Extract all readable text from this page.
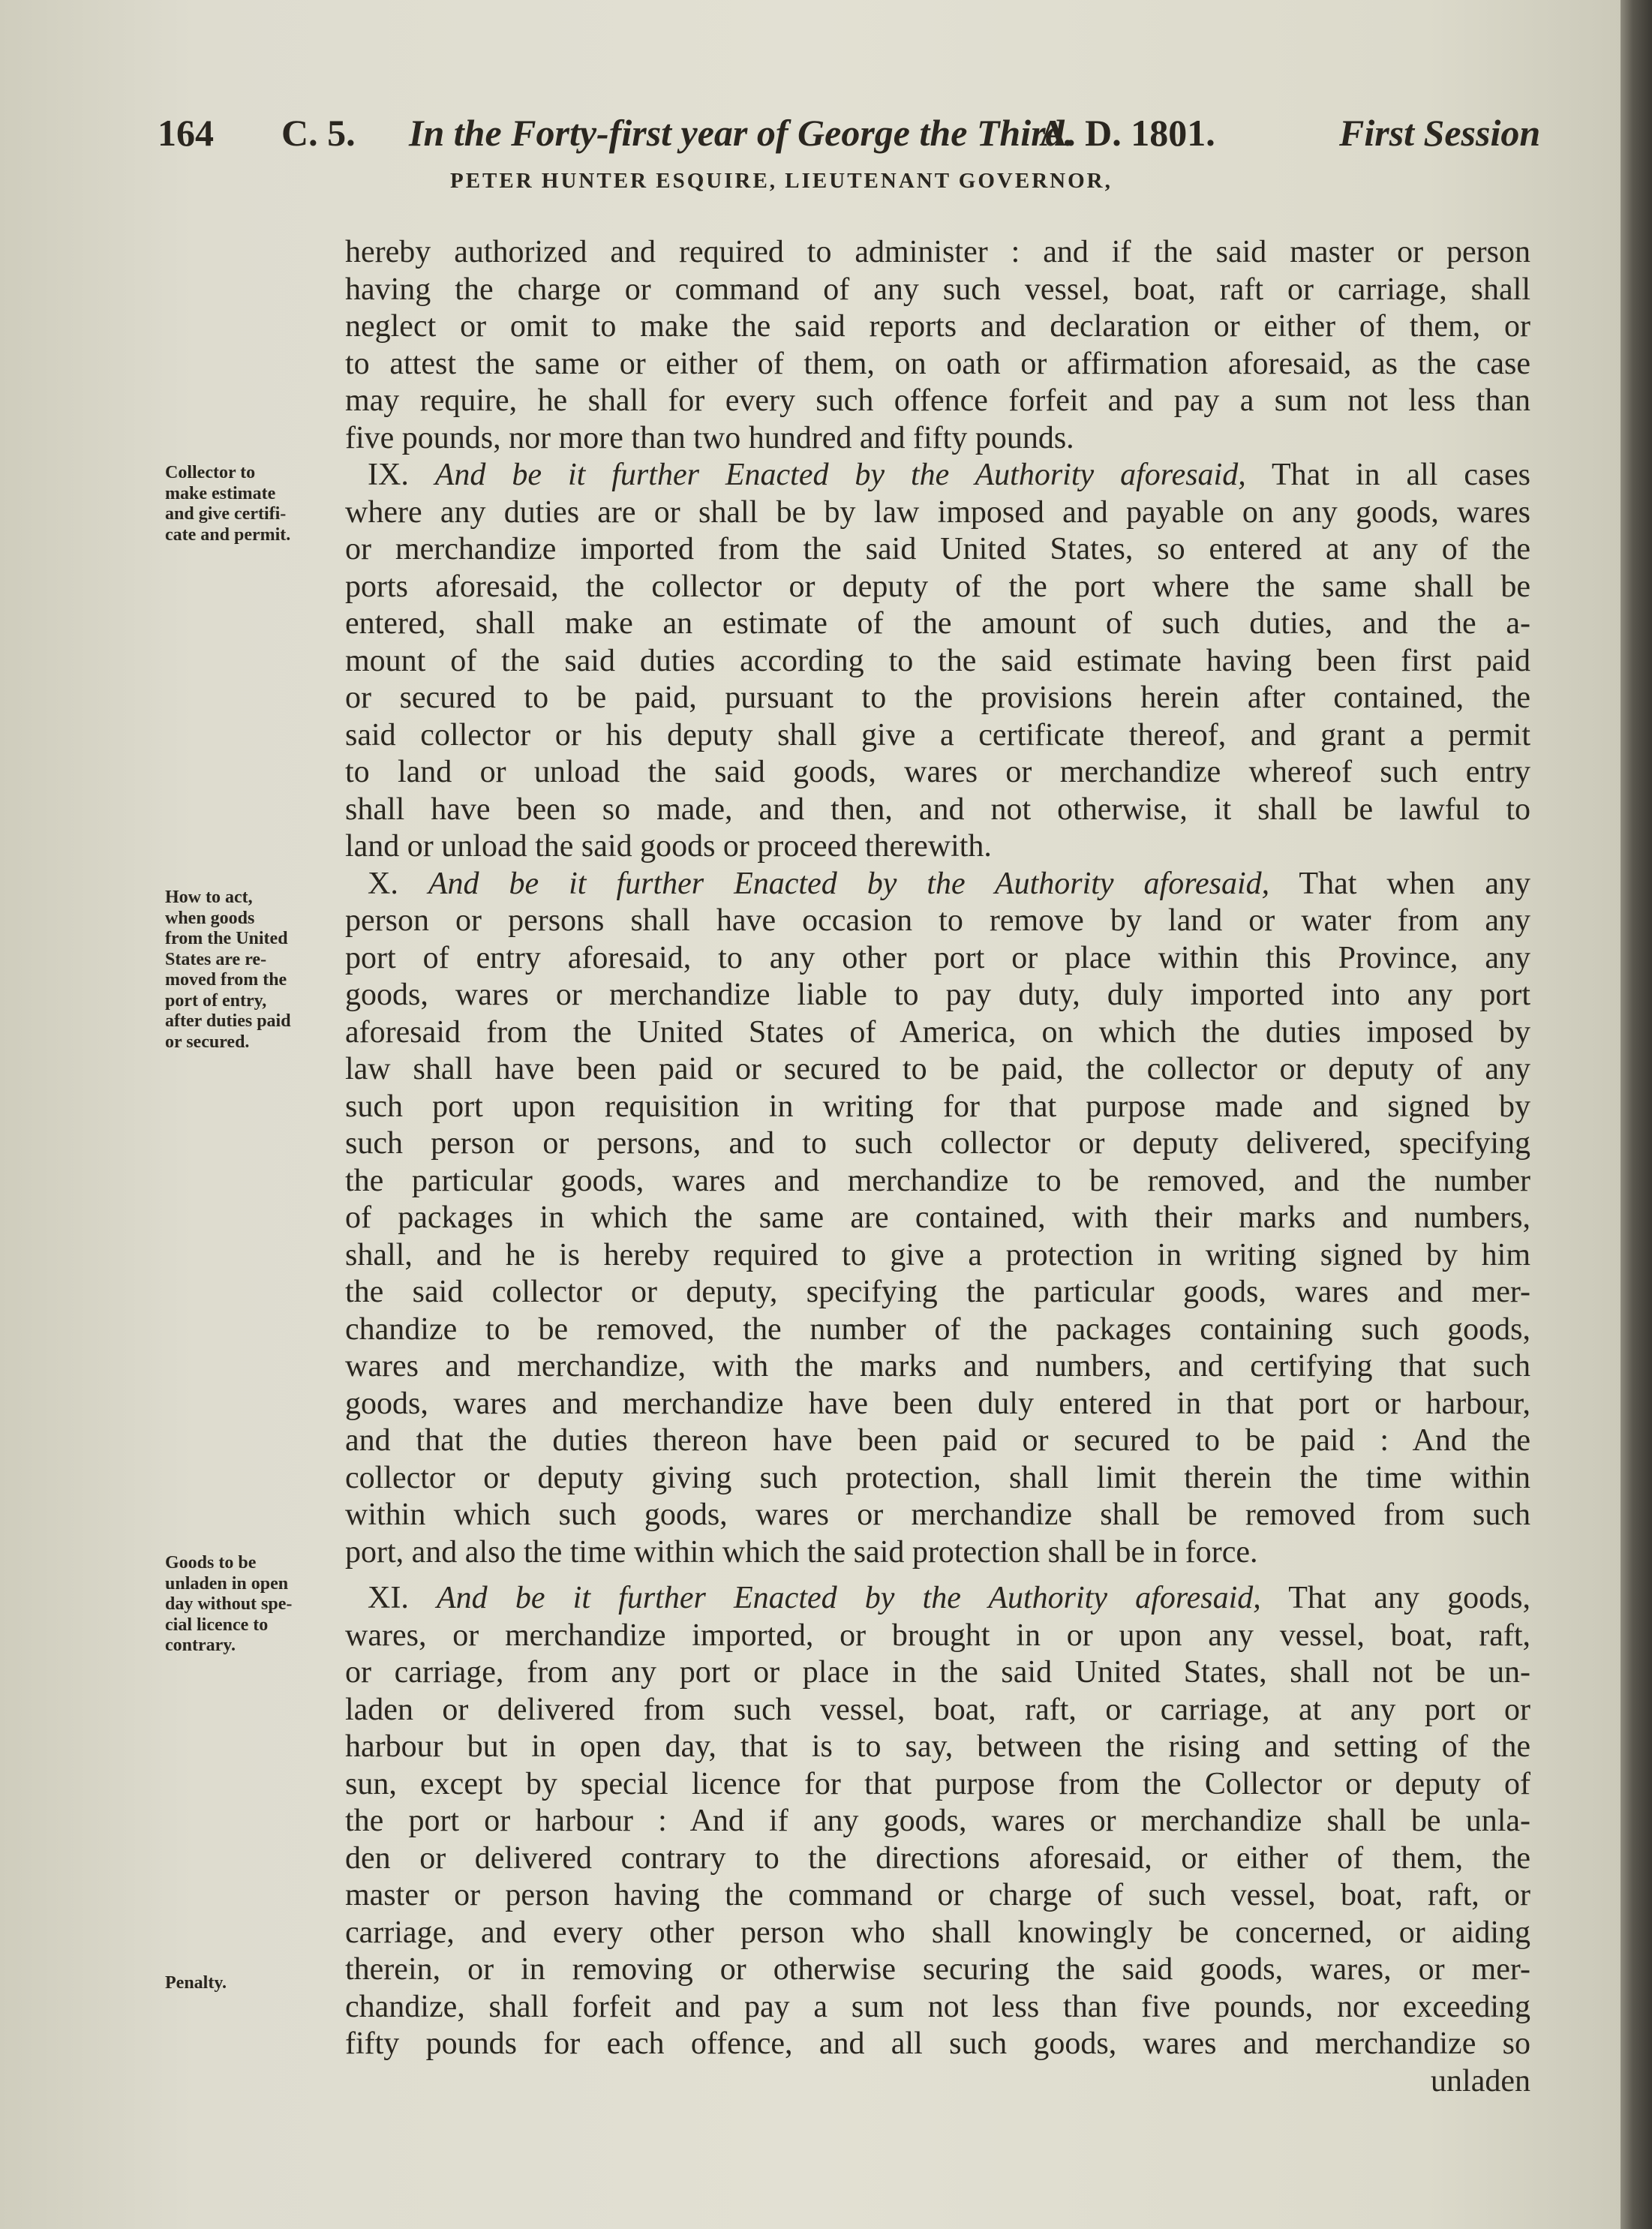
164 C. 5. In the Forty-first year of George the Third.
A. D. 1801.	First Session
PETER HUNTER ESQUIRE, LIEUTENANT GOVERNOR,
Collector to
make estimate
and give certifi-
cate and permit.
How to act,
when goods
from the United
States are re-
moved from the
port of entry,
after duties paid
or secured.
Goods to be
unladen in open
day without spe-
cial licence to
contrary.
Penalty.
hereby authorized and required to administer : and if the said master or person
having the charge or command of any such vessel, boat, raft or carriage, shall
neglect or omit to make the said reports and declaration or either of them, or
to attest the same or either of them, on oath or affirmation aforesaid, as the case
may require, he shall for every such offence forfeit and pay a sum not less than
five pounds, nor more than two hundred and fifty pounds.
IX. And be it further Enacted by the Authority aforesaid, That in all cases
where any duties are or shall be by law imposed and payable on any goods, wares
or merchandize imported from the said United States, so entered at any of the
ports aforesaid, the collector or deputy of the port where the same shall be
entered, shall make an estimate of the amount of such duties, and the a-
mount of the said duties according to the said estimate having been first paid
or secured to be paid, pursuant to the provisions herein after contained, the
said collector or his deputy shall give a certificate thereof, and grant a permit
to land or unload the said goods, wares or merchandize whereof such entry
shall have been so made, and then, and not otherwise, it shall be lawful to
land or unload the said goods or proceed therewith.
X. And be it further Enacted by the Authority aforesaid, That when any
person or persons shall have occasion to remove by land or water from any
port of entry aforesaid, to any other port or place within this Province, any
goods, wares or merchandize liable to pay duty, duly imported into any port
aforesaid from the United States of America, on which the duties imposed by
law shall have been paid or secured to be paid, the collector or deputy of any
such port upon requisition in writing for that purpose made and signed by
such person or persons, and to such collector or deputy delivered, specifying
the particular goods, wares and merchandize to be removed, and the number
of packages in which the same are contained, with their marks and numbers,
shall, and he is hereby required to give a protection in writing signed by him
the said collector or deputy, specifying the particular goods, wares and mer-
chandize to be removed, the number of the packages containing such goods,
wares and merchandize, with the marks and numbers, and certifying that such
goods, wares and merchandize have been duly entered in that port or harbour,
and that the duties thereon have been paid or secured to be paid : And the
collector or deputy giving such protection, shall limit therein the time within
within which such goods, wares or merchandize shall be removed from such
port, and also the time within which the said protection shall be in force.
XI. And be it further Enacted by the Authority aforesaid, That any goods,
wares, or merchandize imported, or brought in or upon any vessel, boat, raft,
or carriage, from any port or place in the said United States, shall not be un-
laden or delivered from such vessel, boat, raft, or carriage, at any port or
harbour but in open day, that is to say, between the rising and setting of the
sun, except by special licence for that purpose from the Collector or deputy of
the port or harbour : And if any goods, wares or merchandize shall be unla-
den or delivered contrary to the directions aforesaid, or either of them, the
master or person having the command or charge of such vessel, boat, raft, or
carriage, and every other person who shall knowingly be concerned, or aiding
therein, or in removing or otherwise securing the said goods, wares, or mer-
chandize, shall forfeit and pay a sum not less than five pounds, nor exceeding
fifty pounds for each offence, and all such goods, wares and merchandize so
unladen
